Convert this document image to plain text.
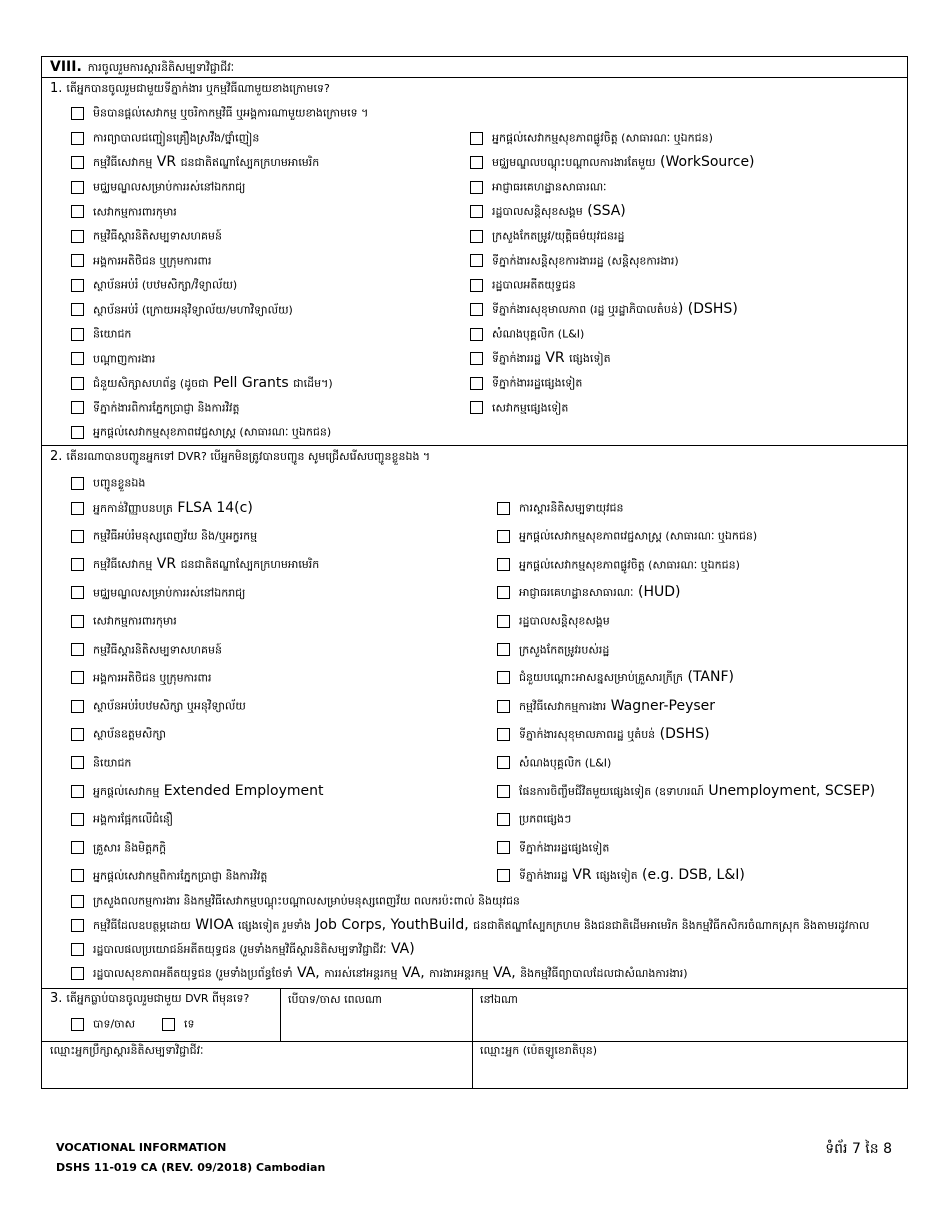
VIII. ការចូលរួមការស្តារនិតិសម្បទាវិជ្ជាជីវៈ
1. តើអ្នកបានចូលរួមជាមួយទីភ្នាក់ងារ ឬកម្មវិធីណាមួយខាងក្រោមទេ?
មិនបានផ្តល់សេវាកម្ម ឬចរិកាកម្មវិធី ឬអង្គការណាមួយខាងក្រោមទេ ។
ការព្យាបាលជញ្ជៀនគ្រឿងស្រវឹង/ថ្នាំញៀន
កម្មវិធីសេវាកម្ម VR ជនជាតិឥណ្ឌាស្បែកក្រហមអាមេរិក
មជ្ឈមណ្ឌលសម្រាប់ការរស់នៅឯករាជ្យ
សេវាកម្មការពារកុមារ
កម្មវិធីស្តារនិតិសម្បទាសហគមន៍
អង្គការអតិថិជន ឬក្រុមការពារ
ស្ថាប័នអប់រំ (បឋមសិក្សា/វិទ្យាល័យ)
ស្ថាប័នអប់រំ (ក្រោយអនុវិទ្យាល័យ/មហាវិទ្យាល័យ)
និយោជក
បណ្តាញការងារ
ជំនួយសិក្សាសហព័ន្ធ (ដូចជា Pell Grants ជាដើម។)
ទីភ្នាក់ងារពិការភ្នែកប្រាជ្ញា និងការវិវត្ត
អ្នកផ្តល់សេវាកម្មសុខភាពវេជ្ជសាស្ត្រ (សាធារណៈ ឬឯកជន)
អ្នកផ្តល់សេវាកម្មសុខភាពផ្លូវចិត្ត (សាធារណៈ ឬឯកជន)
មជ្ឈមណ្ឌលបណ្តុះបណ្តាលការងារតែមួយ (WorkSource)
អាជ្ញាធរគេហដ្ឋានសាធារណៈ
រដ្ឋបាលសន្តិសុខសង្គម (SSA)
ក្រសួងកែតម្រូវ/យុត្តិធម៌យុវជនរដ្ឋ
ទីភ្នាក់ងារសន្តិសុខការងាររដ្ឋ (សន្តិសុខការងារ)
រដ្ឋបាលអតីតយុទ្ធជន
ទីភ្នាក់ងារសុខុមាលភាព (រដ្ឋ ឬរដ្ឋាភិបាលតំបន់) (DSHS)
សំណងបុគ្គលិក (L&I)
ទីភ្នាក់ងាររដ្ឋ VR ផ្សេងទៀត
ទីភ្នាក់ងាររដ្ឋផ្សេងទៀត
សេវាកម្មផ្សេងទៀត
2. តើនរណាបានបញ្ជូនអ្នកទៅ DVR? បើអ្នកមិនត្រូវបានបញ្ជូន សូមជ្រើសរើសបញ្ជូនខ្លួនឯង ។
បញ្ជូនខ្លួនឯង
អ្នកកាន់វិញ្ញាបនបត្រ FLSA 14(c)
កម្មវិធីអប់រំមនុស្សពេញវ័យ និង/ឬអក្ខរកម្ម
កម្មវិធីសេវាកម្ម VR ជនជាតិឥណ្ឌាស្បែកក្រហមអាមេរិក
មជ្ឈមណ្ឌលសម្រាប់ការរស់នៅឯករាជ្យ
សេវាកម្មការពារកុមារ
កម្មវិធីស្តារនិតិសម្បទាសហគមន៍
អង្គការអតិថិជន ឬក្រុមការពារ
ស្ថាប័នអប់រំបឋមសិក្សា ឬអនុវិទ្យាល័យ
ស្ថាប័នឧត្តមសិក្សា
និយោជក
អ្នកផ្តល់សេវាកម្ម Extended Employment
អង្គការផ្អែកលើជំនឿ
គ្រួសារ និងមិត្តភក្តិ
អ្នកផ្តល់សេវាកម្មពិការភ្នែកប្រាជ្ញា និងការវិវត្ត
ការស្តារនិតិសម្បទាយុវជន
អ្នកផ្តល់សេវាកម្មសុខភាពវេជ្ជសាស្ត្រ (សាធារណៈ ឬឯកជន)
អ្នកផ្តល់សេវាកម្មសុខភាពផ្លូវចិត្ត (សាធារណៈ ឬឯកជន)
អាជ្ញាធរគេហដ្ឋានសាធារណៈ (HUD)
រដ្ឋបាលសន្តិសុខសង្គម
ក្រសួងកែតម្រូវរបស់រដ្ឋ
ជំនួយបណ្តោះអាសន្នសម្រាប់គ្រួសារក្រីក្រ (TANF)
កម្មវិធីសេវាកម្មការងារ Wagner-Peyser
ទីភ្នាក់ងារសុខុមាលភាពរដ្ឋ ឬតំបន់ (DSHS)
សំណងបុគ្គលិក (L&I)
ផែនការចិញ្ចឹមជីវិតមួយផ្សេងទៀត (ឧទាហរណ៍ Unemployment, SCSEP)
ប្រភពផ្សេងៗ
ទីភ្នាក់ងាររដ្ឋផ្សេងទៀត
ទីភ្នាក់ងាររដ្ឋ VR ផ្សេងទៀត (e.g. DSB, L&I)
ក្រសួងពលកម្មការងារ និងកម្មវិធីសេវាកម្មបណ្តុះបណ្តាលសម្រាប់មនុស្សពេញវ័យ ពលករប៉ះពាល់ និងយុវជន
កម្មវិធីដែលឧបត្ថម្ភដោយ WIOA ផ្សេងទៀត រួមទាំង Job Corps, YouthBuild, ជនជាតិឥណ្ឌាស្បែកក្រហម និងជនជាតិដើមអាមេរិក និងកម្មវិធីកសិករចំណាកស្រុក និងតាមរដូវកាល
រដ្ឋបាលផលប្រយោជន៍អតីតយុទ្ធជន (រួមទាំងកម្មវិធីស្តារនិតិសម្បទាវិជ្ជាជីវៈ VA)
រដ្ឋបាលសុខភាពអតីតយុទ្ធជន (រួមទាំងប្រព័ន្ធថែទាំ VA, ការរស់នៅអន្តរកម្ម VA, ការងារអន្តរកម្ម VA, និងកម្មវិធីព្យាបាលដែលជាសំណងការងារ)
3. តើអ្នកធ្លាប់បានចូលរួមជាមួយ DVR ពីមុនទេ?
បាទ/ចាស	ទេ
បើបាទ/ចាស ពេលណា	នៅឯណា
ឈ្មោះអ្នកប្រឹក្សាស្តារនិតិសម្បទាវិជ្ជាជីវៈ	ឈ្មោះអ្នក (ប៉េតឡូខេរាតិបុន)
VOCATIONAL INFORMATION
DSHS 11-019 CA (REV. 09/2018) Cambodian
ទំព័រ 7 នៃ 8
